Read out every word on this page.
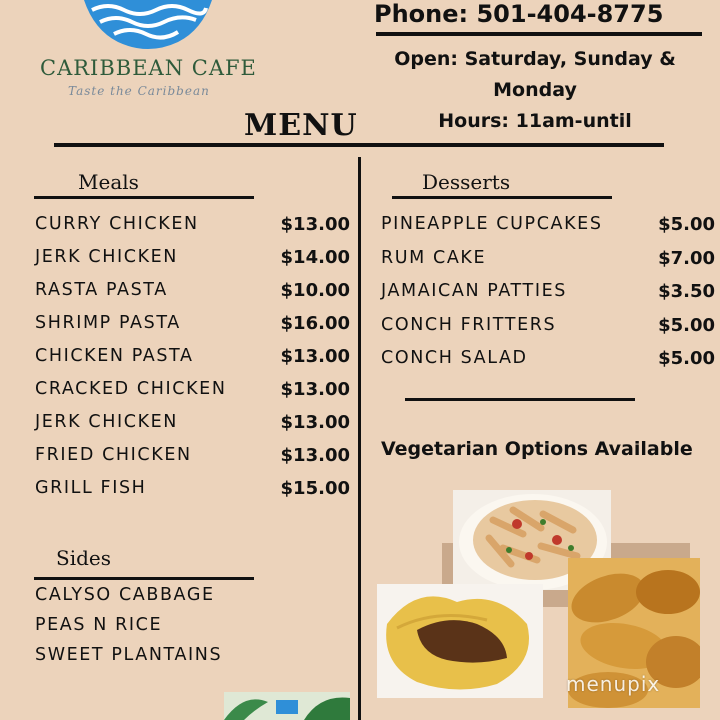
CARIBBEAN CAFE
Taste the Caribbean
Phone: 501-404-8775
Open: Saturday, Sunday &
Monday
Hours: 11am-until
MENU
Meals
CURRY CHICKEN	$13.00
JERK CHICKEN	$14.00
RASTA PASTA	$10.00
SHRIMP PASTA	$16.00
CHICKEN PASTA	$13.00
CRACKED CHICKEN	$13.00
JERK CHICKEN	$13.00
FRIED CHICKEN	$13.00
GRILL FISH	$15.00
Sides
CALYSO CABBAGE
PEAS N RICE
SWEET PLANTAINS
Desserts
PINEAPPLE CUPCAKES	$5.00
RUM CAKE	$7.00
JAMAICAN PATTIES	$3.50
CONCH FRITTERS	$5.00
CONCH SALAD	$5.00
Vegetarian Options Available
menupix
